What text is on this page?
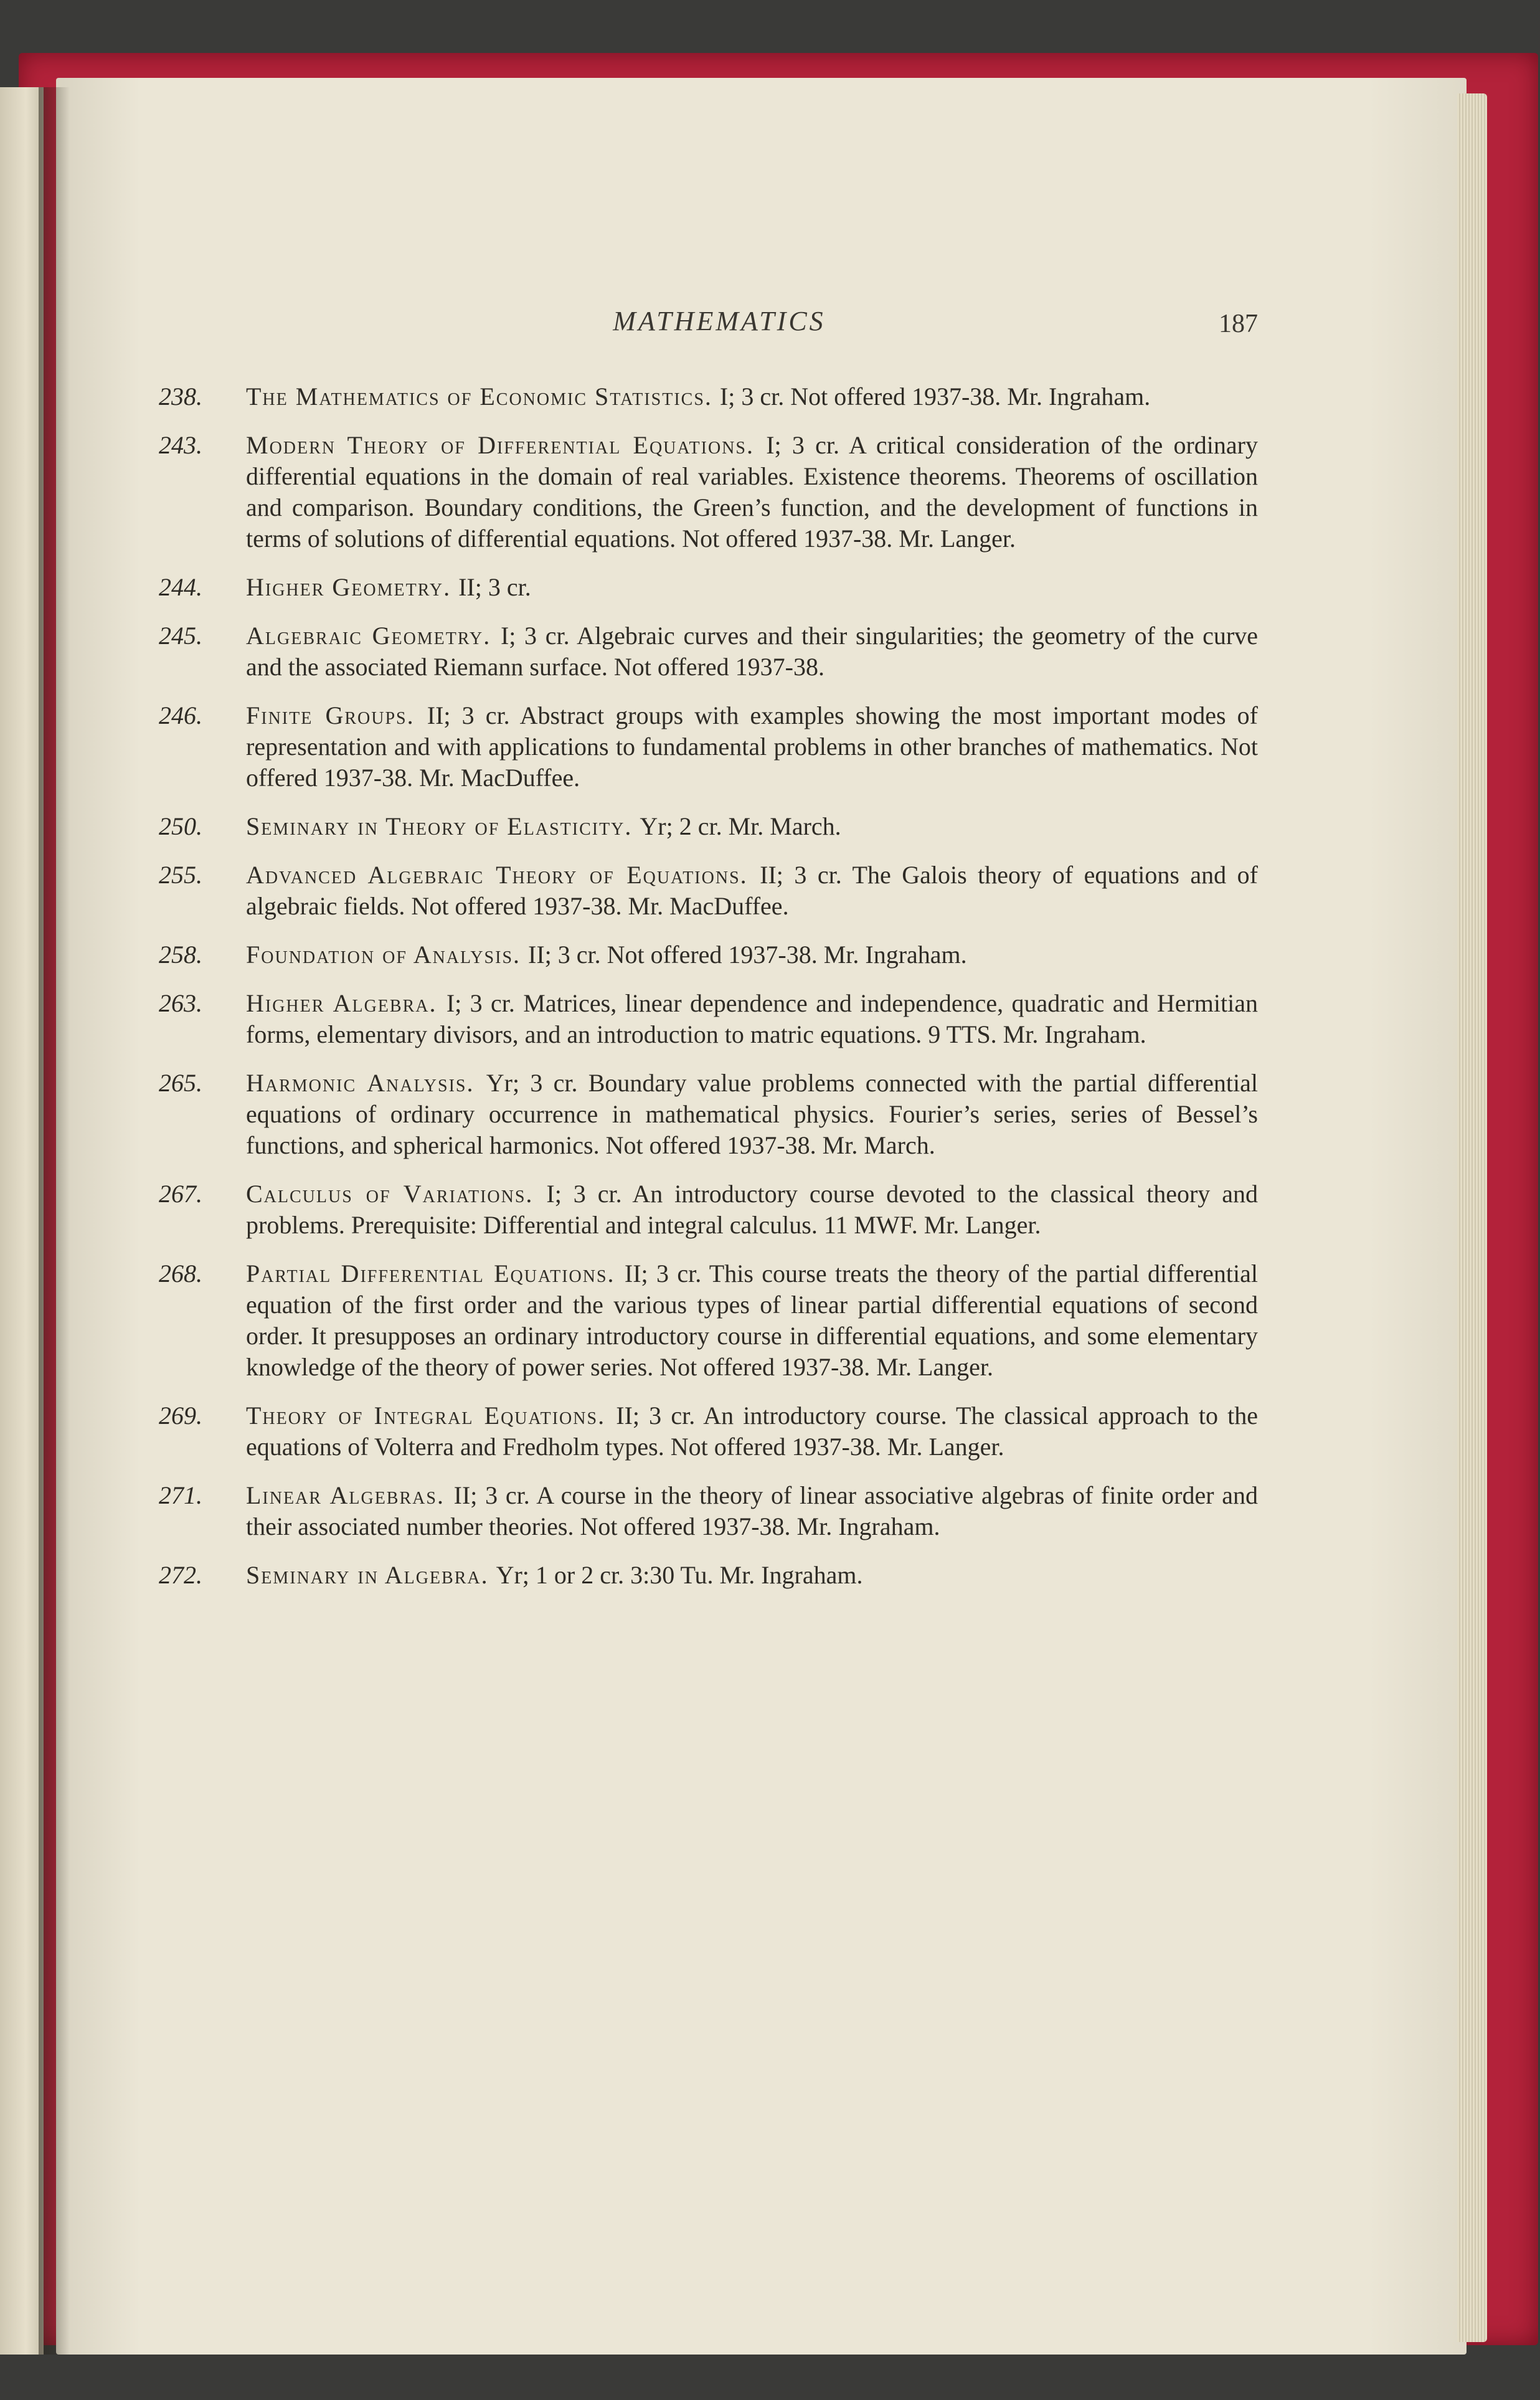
MATHEMATICS	187
238. The Mathematics of Economic Statistics. I; 3 cr. Not offered 1937-38. Mr. Ingraham.
243. Modern Theory of Differential Equations. I; 3 cr. A critical consideration of the ordinary differential equations in the domain of real variables. Existence theorems. Theorems of oscillation and comparison. Boundary conditions, the Green’s function, and the development of functions in terms of solutions of differential equations. Not offered 1937-38. Mr. Langer.
244. Higher Geometry. II; 3 cr.
245. Algebraic Geometry. I; 3 cr. Algebraic curves and their singularities; the geometry of the curve and the associated Riemann surface. Not offered 1937-38.
246. Finite Groups. II; 3 cr. Abstract groups with examples showing the most important modes of representation and with applications to fundamental problems in other branches of mathematics. Not offered 1937-38. Mr. MacDuffee.
250. Seminary in Theory of Elasticity. Yr; 2 cr. Mr. March.
255. Advanced Algebraic Theory of Equations. II; 3 cr. The Galois theory of equations and of algebraic fields. Not offered 1937-38. Mr. MacDuffee.
258. Foundation of Analysis. II; 3 cr. Not offered 1937-38. Mr. Ingraham.
263. Higher Algebra. I; 3 cr. Matrices, linear dependence and independence, quadratic and Hermitian forms, elementary divisors, and an introduction to matric equations. 9 TTS. Mr. Ingraham.
265. Harmonic Analysis. Yr; 3 cr. Boundary value problems connected with the partial differential equations of ordinary occurrence in mathematical physics. Fourier’s series, series of Bessel’s functions, and spherical harmonics. Not offered 1937-38. Mr. March.
267. Calculus of Variations. I; 3 cr. An introductory course devoted to the classical theory and problems. Prerequisite: Differential and integral calculus. 11 MWF. Mr. Langer.
268. Partial Differential Equations. II; 3 cr. This course treats the theory of the partial differential equation of the first order and the various types of linear partial differential equations of second order. It presupposes an ordinary introductory course in differential equations, and some elementary knowledge of the theory of power series. Not offered 1937-38. Mr. Langer.
269. Theory of Integral Equations. II; 3 cr. An introductory course. The classical approach to the equations of Volterra and Fredholm types. Not offered 1937-38. Mr. Langer.
271. Linear Algebras. II; 3 cr. A course in the theory of linear associative algebras of finite order and their associated number theories. Not offered 1937-38. Mr. Ingraham.
272. Seminary in Algebra. Yr; 1 or 2 cr. 3:30 Tu. Mr. Ingraham.
